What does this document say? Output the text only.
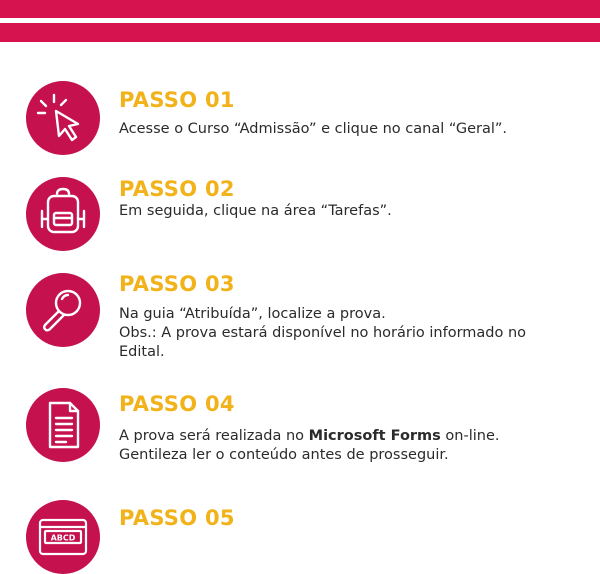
PASSO 01
Acesse o Curso “Admissão” e clique no canal “Geral”.
PASSO 02
Em seguida, clique na área “Tarefas”.
PASSO 03
Na guia “Atribuída”, localize a prova.
Obs.: A prova estará disponível no horário informado no
Edital.
PASSO 04
A prova será realizada no Microsoft Forms on-line.
Gentileza ler o conteúdo antes de prosseguir.
ABCD
PASSO 05
